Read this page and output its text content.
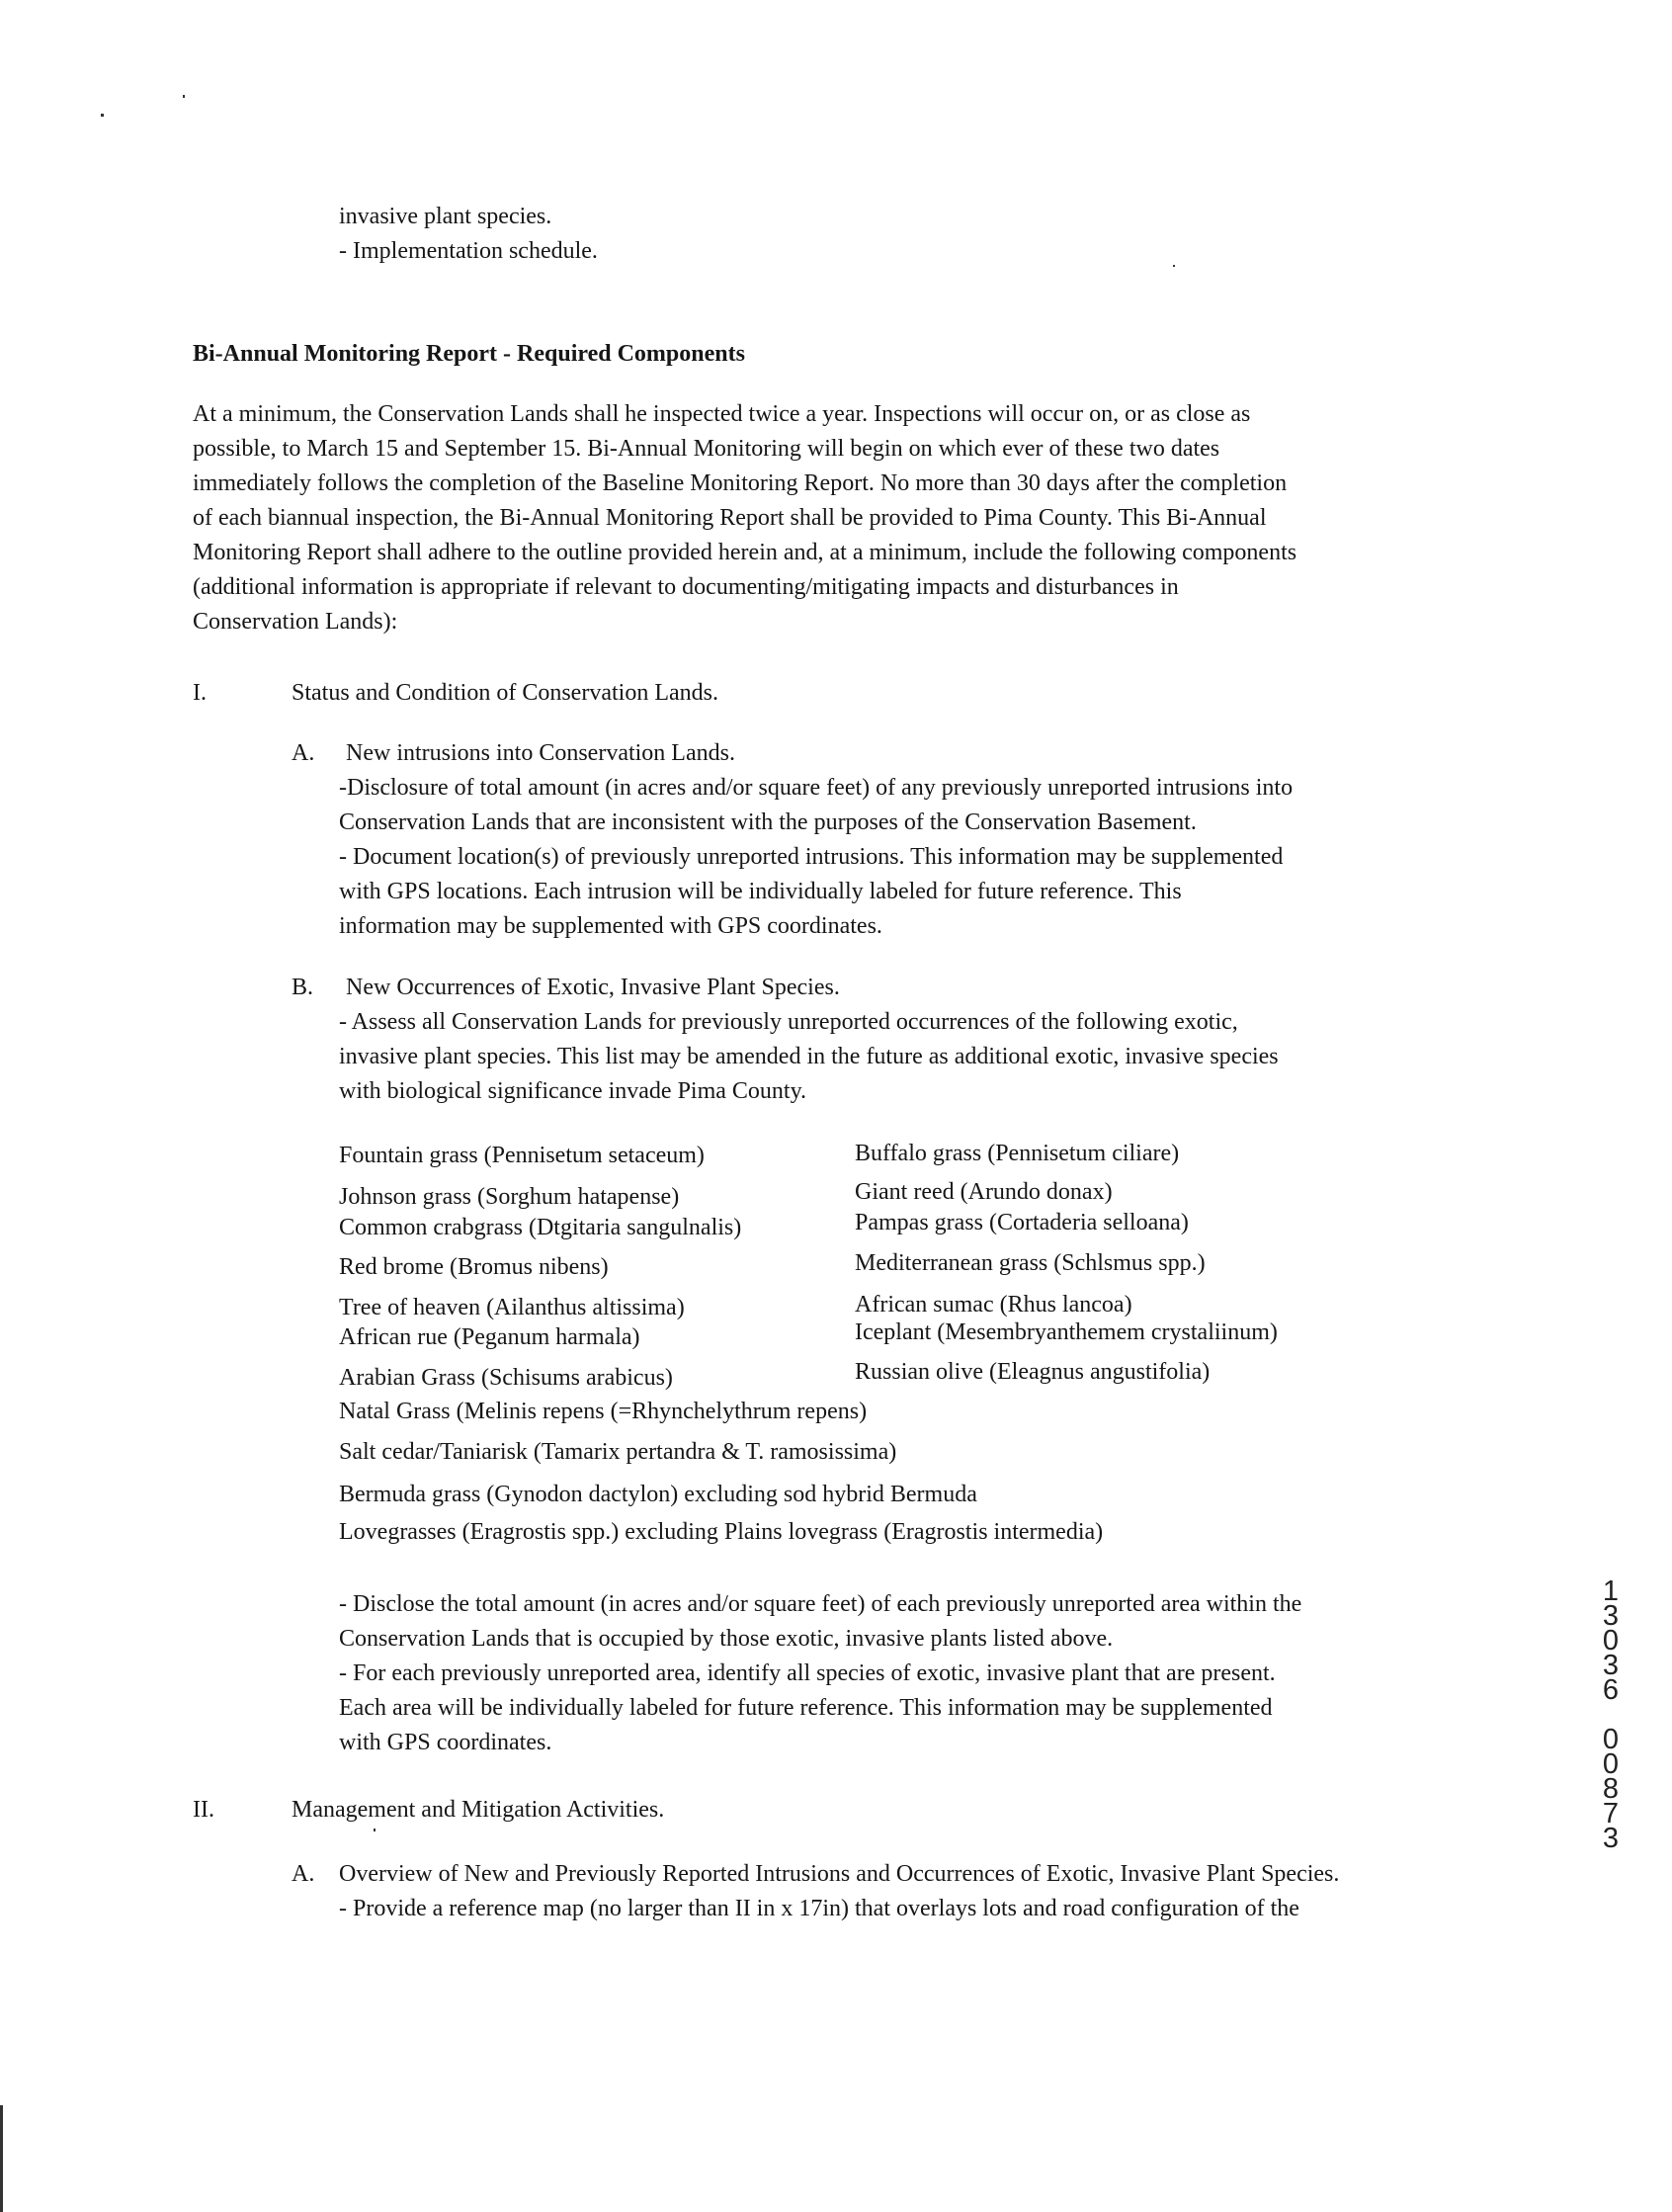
invasive plant species.
- Implementation schedule.
Bi-Annual Monitoring Report - Required Components
At a minimum, the Conservation Lands shall he inspected twice a year. Inspections will occur on, or as close as
possible, to March 15 and September 15. Bi-Annual Monitoring will begin on which ever of these two dates
immediately follows the completion of the Baseline Monitoring Report. No more than 30 days after the completion
of each biannual inspection, the Bi-Annual Monitoring Report shall be provided to Pima County. This Bi-Annual
Monitoring Report shall adhere to the outline provided herein and, at a minimum, include the following components
(additional information is appropriate if relevant to documenting/mitigating impacts and disturbances in
Conservation Lands):
I.	Status and Condition of Conservation Lands.
A. New intrusions into Conservation Lands.
-Disclosure of total amount (in acres and/or square feet) of any previously unreported intrusions into
Conservation Lands that are inconsistent with the purposes of the Conservation Basement.
- Document location(s) of previously unreported intrusions. This information may be supplemented
with GPS locations. Each intrusion will be individually labeled for future reference. This
information may be supplemented with GPS coordinates.
B. New Occurrences of Exotic, Invasive Plant Species.
- Assess all Conservation Lands for previously unreported occurrences of the following exotic,
invasive plant species. This list may be amended in the future as additional exotic, invasive species
with biological significance invade Pima County.
Fountain grass (Pennisetum setaceum)
Johnson grass (Sorghum hatapense)
Common crabgrass (Dtgitaria sangulnalis)
Red brome (Bromus nibens)
Tree of heaven (Ailanthus altissima)
African rue (Peganum harmala)
Arabian Grass (Schisums arabicus)
Buffalo grass (Pennisetum ciliare)
Giant reed (Arundo donax)
Pampas grass (Cortaderia selloana)
Mediterranean grass (Schlsmus spp.)
African sumac (Rhus lancoa)
Iceplant (Mesembryanthemem crystaliinum)
Russian olive (Eleagnus angustifolia)
Natal Grass (Melinis repens (=Rhynchelythrum repens)
Salt cedar/Taniarisk (Tamarix pertandra & T. ramosissima)
Bermuda grass (Gynodon dactylon) excluding sod hybrid Bermuda
Lovegrasses (Eragrostis spp.) excluding Plains lovegrass (Eragrostis intermedia)
- Disclose the total amount (in acres and/or square feet) of each previously unreported area within the
Conservation Lands that is occupied by those exotic, invasive plants listed above.
- For each previously unreported area, identify all species of exotic, invasive plant that are present.
Each area will be individually labeled for future reference. This information may be supplemented
with GPS coordinates.
II.	Management and Mitigation Activities.
A. Overview of New and Previously Reported Intrusions and Occurrences of Exotic, Invasive Plant Species.
- Provide a reference map (no larger than II in x 17in) that overlays lots and road configuration of the
1
3
0
3
6
0
0
8
7
3
